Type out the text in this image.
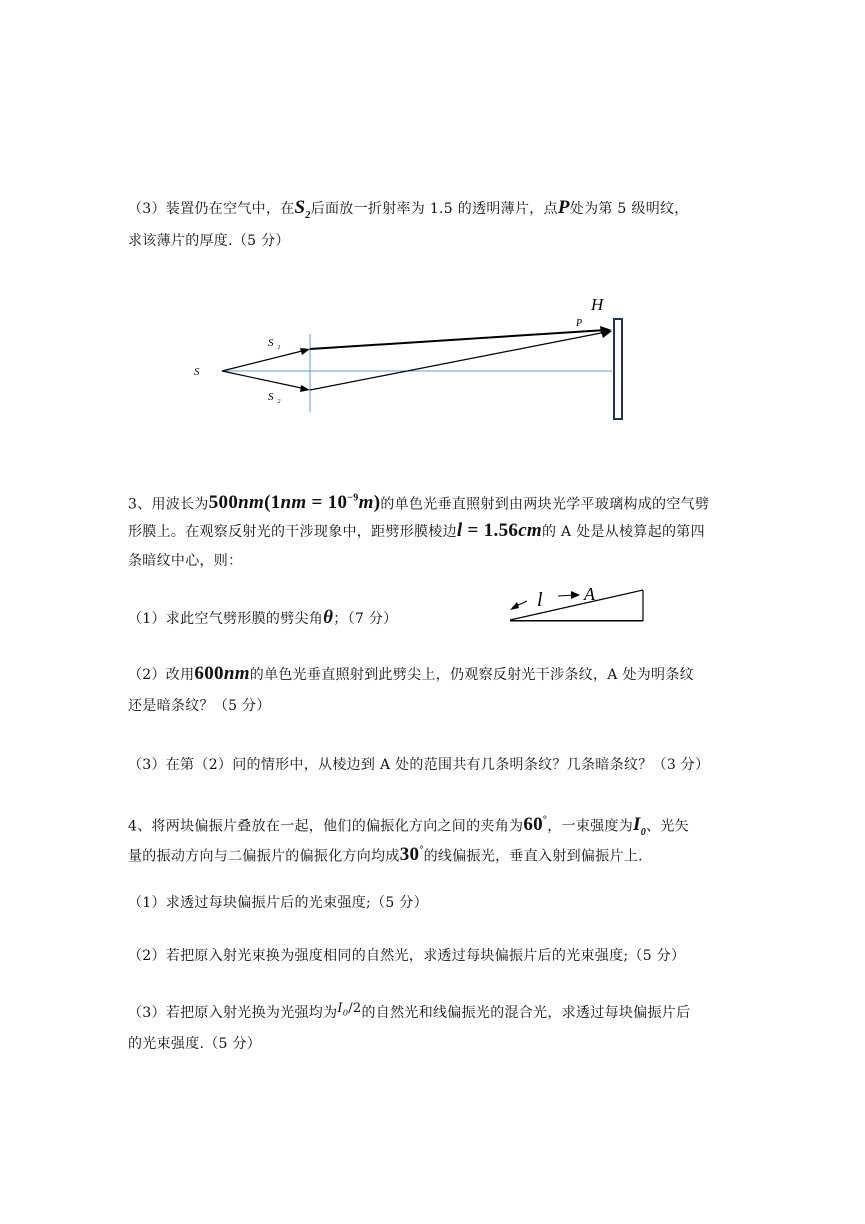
（3）装置仍在空气中，在$S_2$后面放一折射率为 1.5 的透明薄片，点P处为第 5 级明纹，
求该薄片的厚度.（5 分）
H
P
S
S $_1$
S $_2$
3、用波长为$500nm(1nm = 10^{-9}m)$的单色光垂直照射到由两块光学平玻璃构成的空气劈
形膜上。在观察反射光的干涉现象中，距劈形膜棱边l = 1.56cm的 A 处是从棱算起的第四
条暗纹中心，则：
（1）求此空气劈形膜的劈尖角θ；（7 分）
l A
（2）改用600nm的单色光垂直照射到此劈尖上，仍观察反射光干涉条纹，A 处为明条纹
还是暗条纹？（5 分）
（3）在第（2）问的情形中，从棱边到 A 处的范围共有几条明条纹？几条暗条纹？（3 分）
4、将两块偏振片叠放在一起，他们的偏振化方向之间的夹角为60°，一束强度为$I_0$、光矢
量的振动方向与二偏振片的偏振化方向均成30°的线偏振光，垂直入射到偏振片上.
（1）求透过每块偏振片后的光束强度;（5 分）
（2）若把原入射光束换为强度相同的自然光，求透过每块偏振片后的光束强度;（5 分）
（3）若把原入射光换为光强均为$I_0/2$的自然光和线偏振光的混合光，求透过每块偏振片后
的光束强度.（5 分）
